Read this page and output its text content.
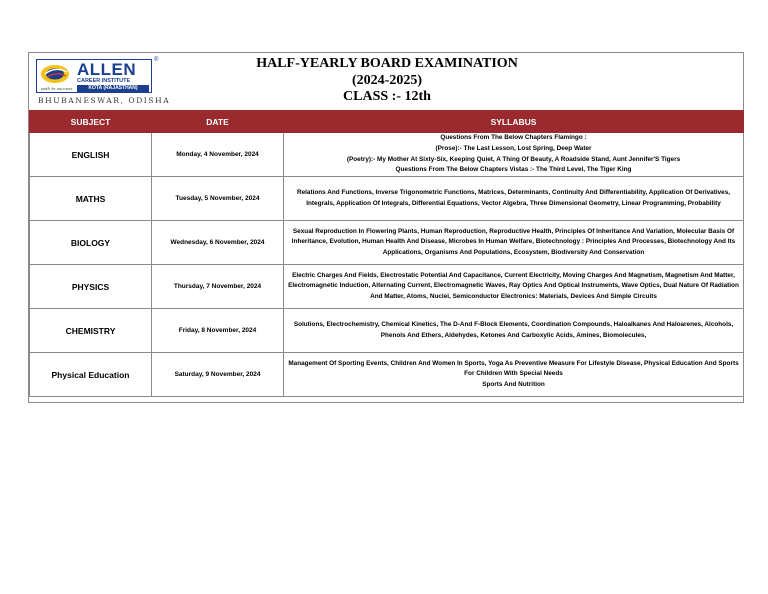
path to success
ALLEN
CAREER INSTITUTE
KOTA (RAJASTHAN)
®
BHUBANESWAR, ODISHA
HALF-YEARLY BOARD EXAMINATION
(2024-2025)
CLASS :- 12th
SUBJECT	DATE	SYLLABUS
ENGLISH	Monday, 4 November, 2024	Questions From The Below Chapters Flamingo :
(Prose):- The Last Lesson, Lost Spring, Deep Water
(Poetry):- My Mother At Sixty-Six, Keeping Quiet, A Thing Of Beauty, A Roadside Stand, Aunt Jennifer'S Tigers
Questions From The Below Chapters Vistas :- The Third Level, The Tiger King

MATHS	Tuesday, 5 November, 2024	Relations And Functions, Inverse Trigonometric Functions, Matrices, Determinants, Continuity And Differentiability, Application Of Derivatives, Integrals, Application Of Integrals, Differential Equations, Vector Algebra, Three Dimensional Geometry, Linear Programming, Probability

BIOLOGY	Wednesday, 6 November, 2024	Sexual Reproduction In Flowering Plants, Human Reproduction, Reproductive Health, Principles Of Inheritance And Variation, Molecular Basis Of Inheritance, Evolution, Human Health And Disease, Microbes In Human Welfare, Biotechnology : Principles And Processes, Biotechnology And Its Applications, Organisms And Populations, Ecosystem, Biodiversity And Conservation

PHYSICS	Thursday, 7 November, 2024	Electric Charges And Fields, Electrostatic Potential And Capacitance, Current Electricity, Moving Charges And Magnetism, Magnetism And Matter, Electromagnetic Induction, Alternating Current, Electromagnetic Waves, Ray Optics And Optical Instruments, Wave Optics, Dual Nature Of Radiation And Matter, Atoms, Nuclei, Semiconductor Electronics: Materials, Devices And Simple Circuits

CHEMISTRY	Friday, 8 November, 2024	Solutions, Electrochemistry, Chemical Kinetics, The D-And F-Block Elements, Coordination Compounds, Haloalkanes And Haloarenes, Alcohols, Phenols And Ethers, Aldehydes, Ketones And Carboxylic Acids, Amines, Biomolecules,

Physical Education	Saturday, 9 November, 2024	Management Of Sporting Events, Children And Women In Sports, Yoga As Preventive Measure For Lifestyle Disease, Physical Education And Sports For Children With Special Needs
Sports And Nutrition
